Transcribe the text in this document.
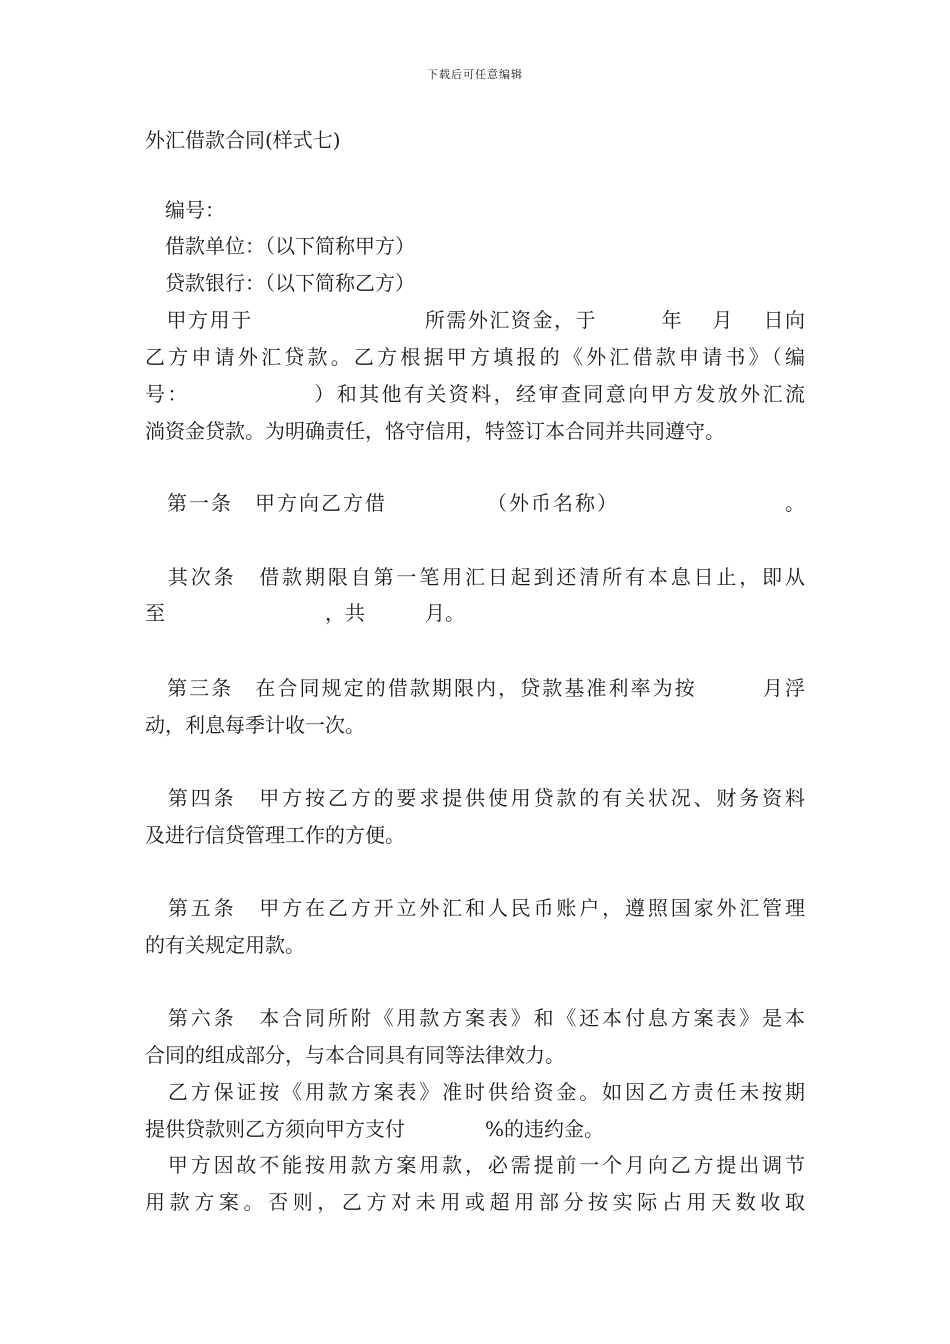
下载后可任意编辑
外汇借款合同(样式七)
　编号：
　借款单位：（以下简称甲方）
　贷款银行：（以下简称乙方）
　甲方用于　　　　　　　　所需外汇资金，于　　　年　 月　 日向
乙方申请外汇贷款。乙方根据甲方填报的《外汇借款申请书》（编
号：　　　　　　）和其他有关资料，经审查同意向甲方发放外汇流
淌资金贷款。为明确责任，恪守信用，特签订本合同并共同遵守。
　第一条　甲方向乙方借　　　　　（外币名称）　　　　　　　　。
　其次条　借款期限自第一笔用汇日起到还清所有本息日止，即从
至　　　　　　　　，共　　　月。
　第三条　在合同规定的借款期限内，贷款基准利率为按　　　月浮
动，利息每季计收一次。
　第四条　甲方按乙方的要求提供使用贷款的有关状况、财务资料
及进行信贷管理工作的方便。
　第五条　甲方在乙方开立外汇和人民币账户，遵照国家外汇管理
的有关规定用款。
　第六条　本合同所附《用款方案表》和《还本付息方案表》是本
合同的组成部分，与本合同具有同等法律效力。
　乙方保证按《用款方案表》准时供给资金。如因乙方责任未按期
提供贷款则乙方须向甲方支付　　　　%的违约金。
　甲方因故不能按用款方案用款，必需提前一个月向乙方提出调节
用款方案。否则，乙方对未用或超用部分按实际占用天数收取
